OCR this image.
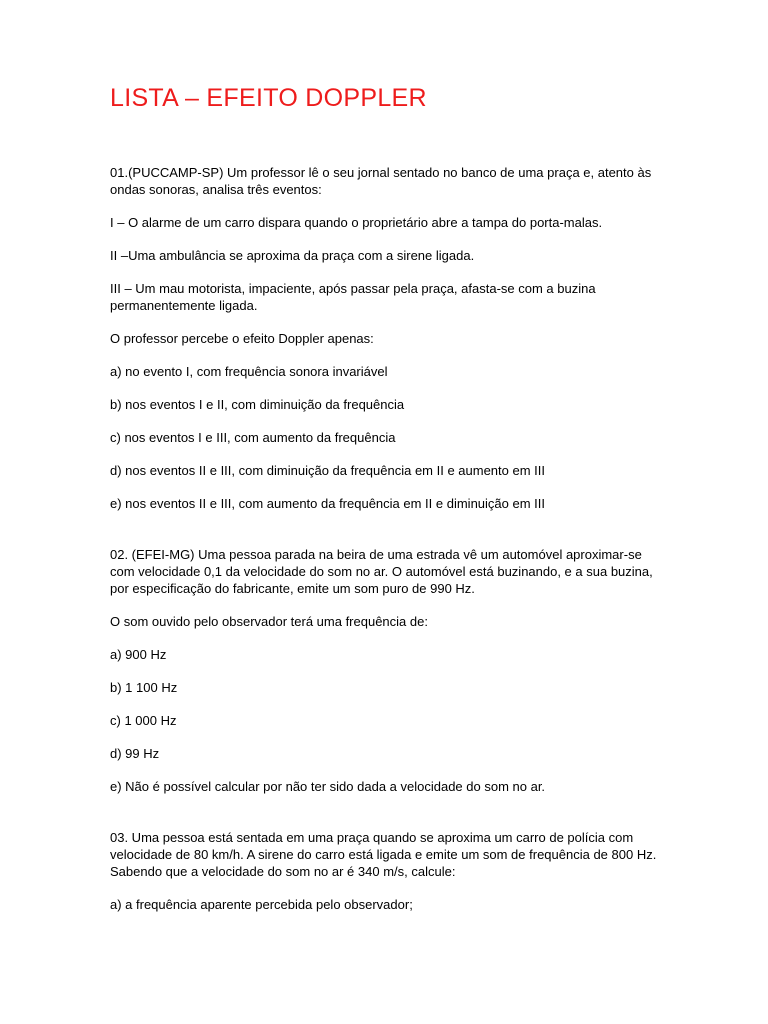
LISTA – EFEITO DOPPLER

01.(PUCCAMP-SP) Um professor lê o seu jornal sentado no banco de uma praça e, atento às
ondas sonoras, analisa três eventos:

I – O alarme de um carro dispara quando o proprietário abre a tampa do porta-malas.

II –Uma ambulância se aproxima da praça com a sirene ligada.

III – Um mau motorista, impaciente, após passar pela praça, afasta-se com a buzina
permanentemente ligada.

O professor percebe o efeito Doppler apenas:

a) no evento I, com frequência sonora invariável

b) nos eventos I e II, com diminuição da frequência

c) nos eventos I e III, com aumento da frequência

d) nos eventos II e III, com diminuição da frequência em II e aumento em III

e) nos eventos II e III, com aumento da frequência em II e diminuição em III

02. (EFEI-MG) Uma pessoa parada na beira de uma estrada vê um automóvel aproximar-se
com velocidade 0,1 da velocidade do som no ar. O automóvel está buzinando, e a sua buzina,
por especificação do fabricante, emite um som puro de 990 Hz.

O som ouvido pelo observador terá uma frequência de:

a) 900 Hz

b) 1 100 Hz

c) 1 000 Hz

d) 99 Hz

e) Não é possível calcular por não ter sido dada a velocidade do som no ar.

03. Uma pessoa está sentada em uma praça quando se aproxima um carro de polícia com
velocidade de 80 km/h. A sirene do carro está ligada e emite um som de frequência de 800 Hz.
Sabendo que a velocidade do som no ar é 340 m/s, calcule:

a) a frequência aparente percebida pelo observador;
